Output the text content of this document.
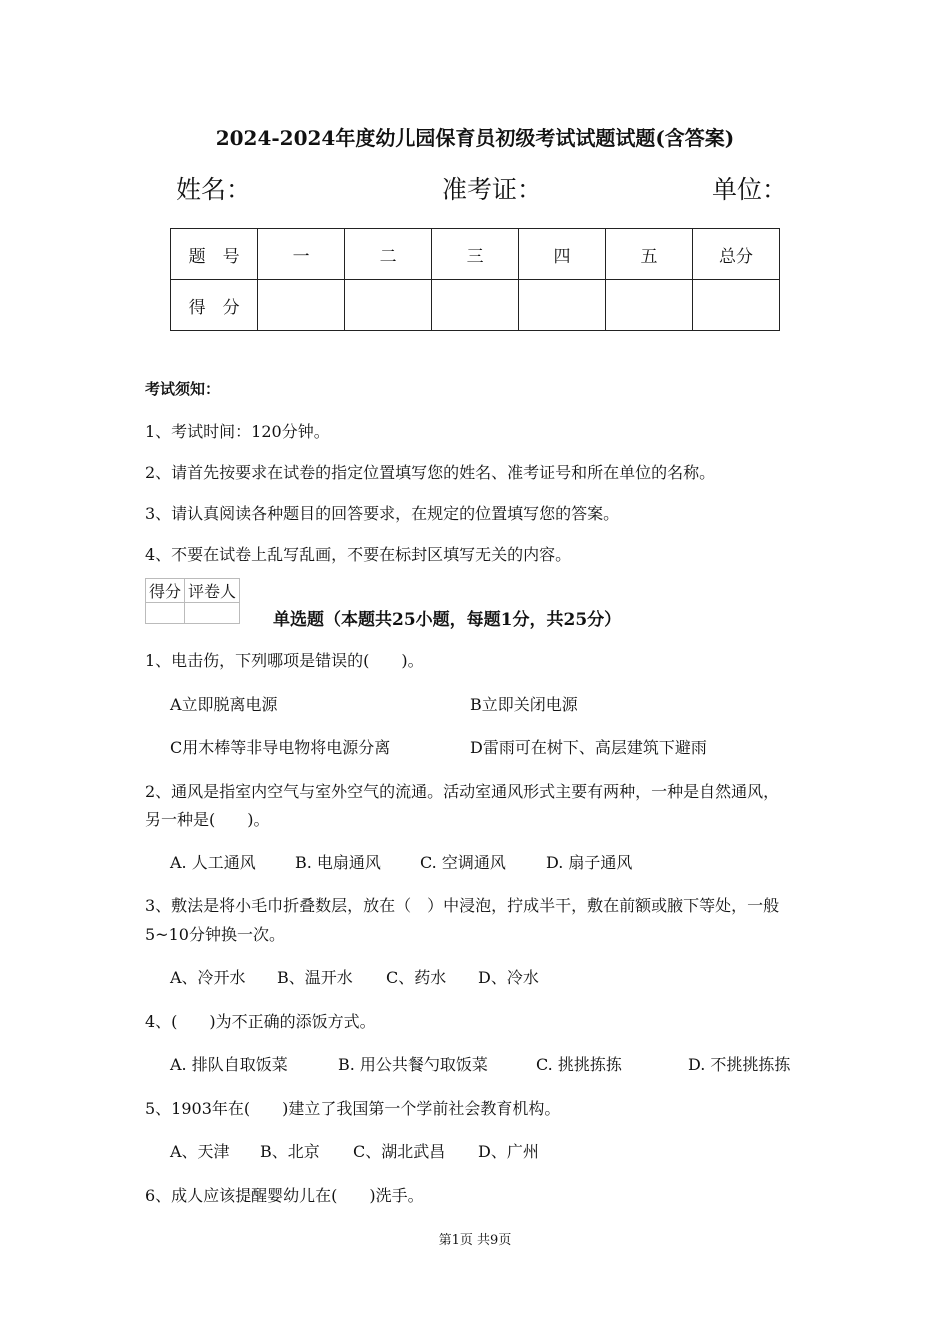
2024-2024年度幼儿园保育员初级考试试题试题(含答案)
姓名：	准考证：	单位：
题　号	一	二	三	四	五	总分
得　分						
考试须知：
1、考试时间：120分钟。
2、请首先按要求在试卷的指定位置填写您的姓名、准考证号和所在单位的名称。
3、请认真阅读各种题目的回答要求，在规定的位置填写您的答案。
4、不要在试卷上乱写乱画，不要在标封区填写无关的内容。
得分	评卷人

单选题（本题共25小题，每题1分，共25分）
1、电击伤，下列哪项是错误的(　　)。
A立即脱离电源	B立即关闭电源
C用木棒等非导电物将电源分离	D雷雨可在树下、高层建筑下避雨
2、通风是指室内空气与室外空气的流通。活动室通风形式主要有两种，一种是自然通风，
另一种是(　　)。
A. 人工通风 B. 电扇通风 C. 空调通风	D. 扇子通风
3、敷法是将小毛巾折叠数层，放在（　）中浸泡，拧成半干，敷在前额或腋下等处，一般
5~10分钟换一次。
A、冷开水 B、温开水 C、药水 D、冷水
4、(　　)为不正确的添饭方式。
A. 排队自取饭菜	B. 用公共餐勺取饭菜	C. 挑挑拣拣	D. 不挑挑拣拣
5、1903年在(　　)建立了我国第一个学前社会教育机构。
A、天津 B、北京 C、湖北武昌 D、广州
6、成人应该提醒婴幼儿在(　　)洗手。
第1页 共9页
